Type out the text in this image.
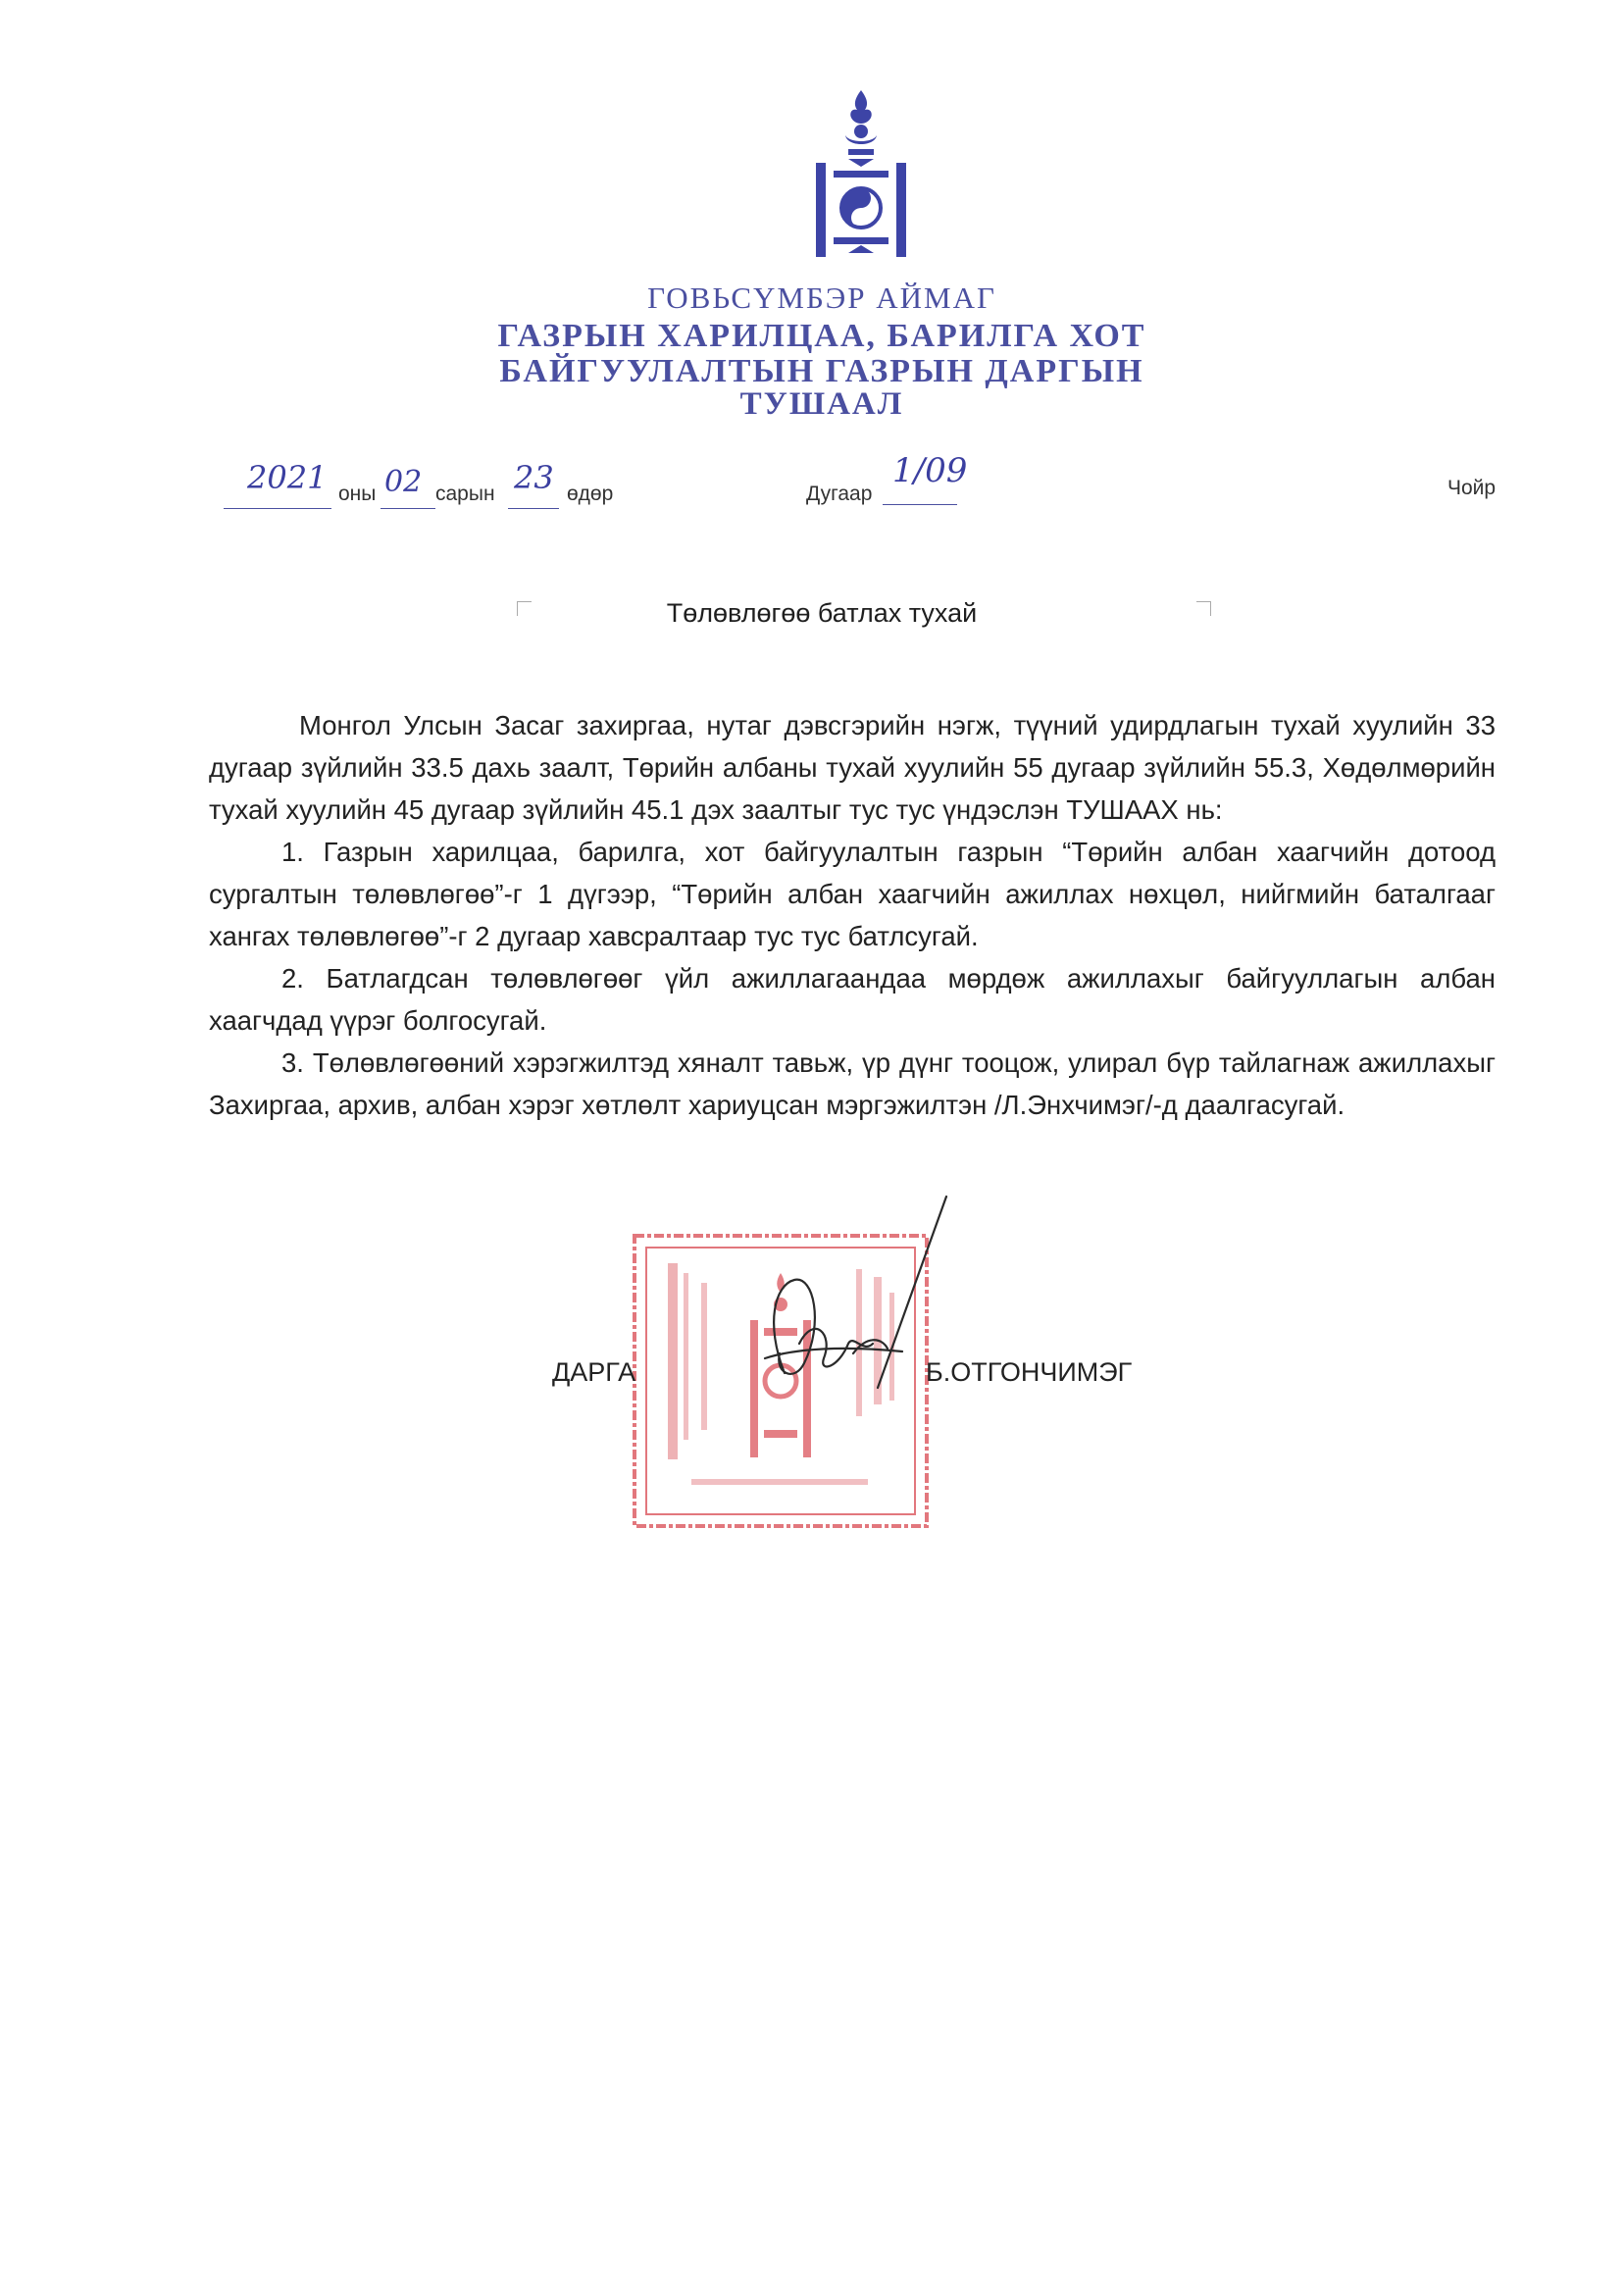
ГОВЬСҮМБЭР АЙМАГ
ГАЗРЫН ХАРИЛЦАА, БАРИЛГА ХОТ
БАЙГУУЛАЛТЫН ГАЗРЫН ДАРГЫН
ТУШААЛ
2021 оны 02 сарын 23 өдөр	Дугаар
1/09	Чойр
Төлөвлөгөө батлах тухай

Монгол Улсын Засаг захиргаа, нутаг дэвсгэрийн нэгж, түүний удирдлагын тухай хуулийн 33 дугаар зүйлийн 33.5 дахь заалт, Төрийн албаны тухай хуулийн 55 дугаар зүйлийн 55.3, Хөдөлмөрийн тухай хуулийн 45 дугаар зүйлийн 45.1 дэх заалтыг тус тус үндэслэн ТУШААХ нь:

1. Газрын харилцаа, барилга, хот байгуулалтын газрын “Төрийн албан хаагчийн дотоод сургалтын төлөвлөгөө”-г 1 дүгээр, “Төрийн албан хаагчийн ажиллах нөхцөл, нийгмийн баталгааг хангах төлөвлөгөө”-г 2 дугаар хавсралтаар тус тус батлсугай.

2. Батлагдсан төлөвлөгөөг үйл ажиллагаандаа мөрдөж ажиллахыг байгууллагын албан хаагчдад үүрэг болгосугай.

3. Төлөвлөгөөний хэрэгжилтэд хяналт тавьж, үр дүнг тооцож, улирал бүр тайлагнаж ажиллахыг Захиргаа, архив, албан хэрэг хөтлөлт хариуцсан мэргэжилтэн /Л.Энхчимэг/-д даалгасугай.

ДАРГА	Б.ОТГОНЧИМЭГ
